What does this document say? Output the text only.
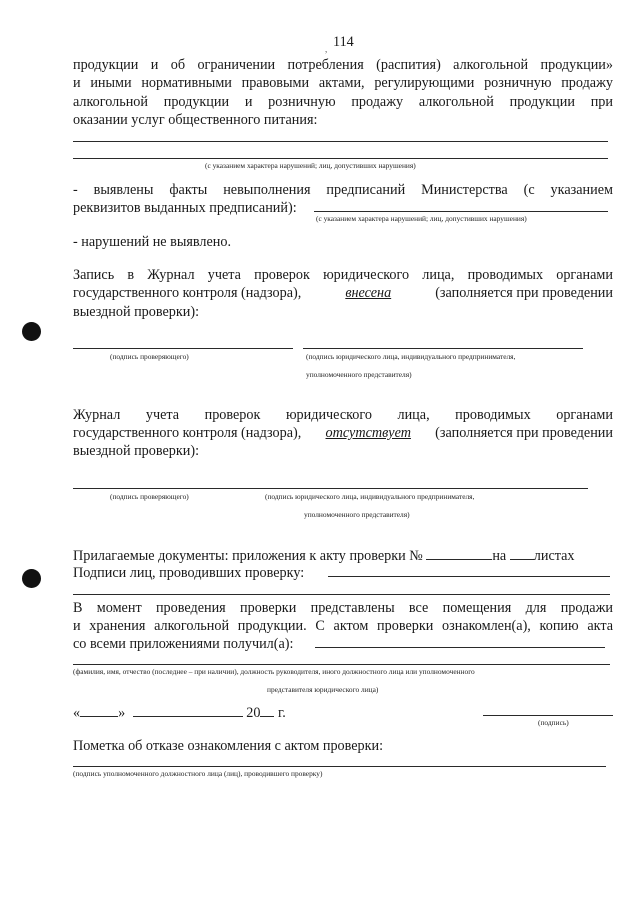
114
,
продукции и об ограничении потребления (распития) алкогольной продукции»
и иными нормативными правовыми актами, регулирующими розничную продажу
алкогольной продукции и розничную продажу алкогольной продукции при
оказании услуг общественного питания:
(с указанием характера нарушений; лиц, допустивших нарушения)
- выявлены факты невыполнения предписаний Министерства (с указанием
реквизитов выданных предписаний):
(с указанием характера нарушений; лиц, допустивших нарушения)
- нарушений не выявлено.
Запись в Журнал учета проверок юридического лица, проводимых органами
государственного контроля (надзора),	внесена	(заполняется при проведении
выездной проверки):
(подпись проверяющего)	(подпись юридического лица, индивидуального предпринимателя,
уполномоченного представителя)
Журнал учета проверок юридического лица, проводимых органами
государственного контроля (надзора), отсутствует (заполняется при проведении
выездной проверки):
(подпись проверяющего)	(подпись юридического лица, индивидуального предпринимателя,
уполномоченного представителя)
Прилагаемые документы: приложения к акту проверки №	на листах
Подписи лиц, проводивших проверку:
В момент проведения проверки представлены все помещения для продажи
и хранения алкогольной продукции. С актом проверки ознакомлен(а), копию акта
со всеми приложениями получил(а):
(фамилия, имя, отчество (последнее – при наличии), должность руководителя, иного должностного лица или уполномоченного
представителя юридического лица)
«	»	20 г.
(подпись)
Пометка об отказе ознакомления с актом проверки:
(подпись уполномоченного должностного лица (лиц), проводившего проверку)
